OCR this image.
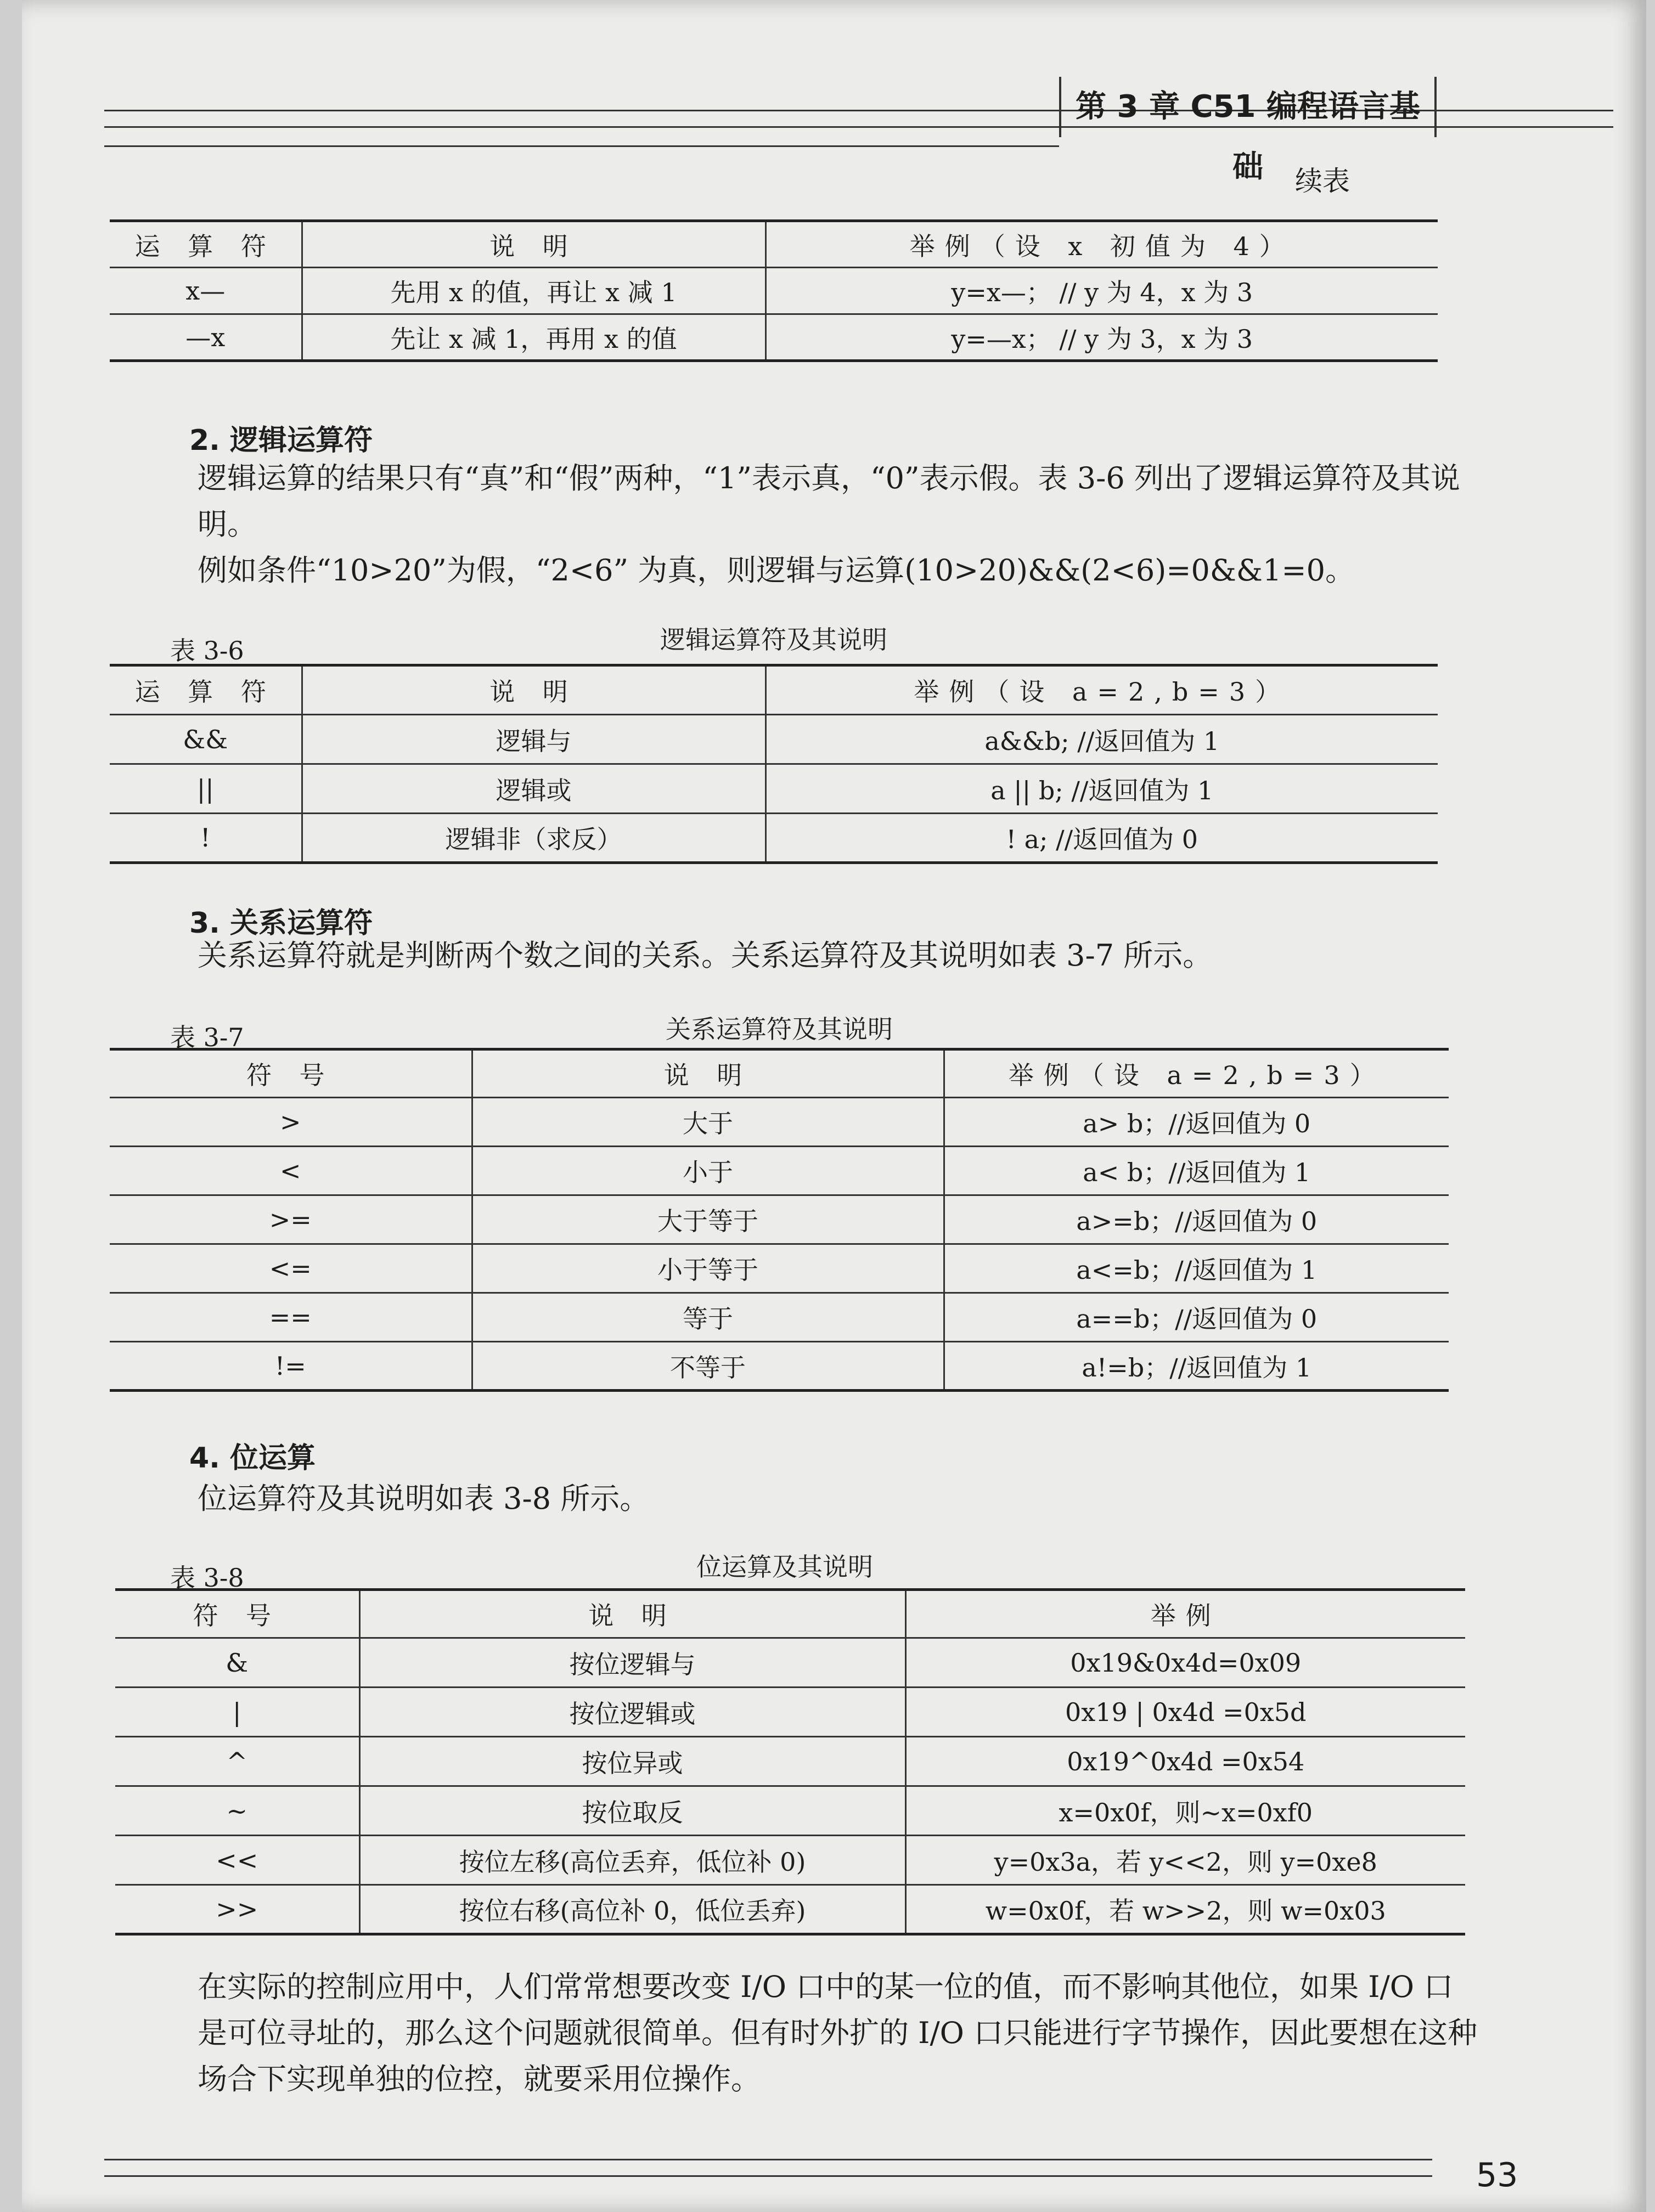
第 3 章 C51 编程语言基础	续表
运 算 符	说 明	举例（设 x 初值为 4）
x—	先用 x 的值，再让 x 减 1	y=x—； // y 为 4，x 为 3
—x	先让 x 减 1，再用 x 的值	y=—x； // y 为 3，x 为 3
2. 逻辑运算符
逻辑运算的结果只有“真”和“假”两种，“1”表示真，“0”表示假。表 3-6 列出了逻辑运算符及其说明。
例如条件“10>20”为假，“2<6” 为真，则逻辑与运算(10>20)&&(2<6)=0&&1=0。
表 3-6	逻辑运算符及其说明
运 算 符	说 明	举例（设 a=2,b=3）
&&	逻辑与	a&&b; //返回值为 1
||	逻辑或	a || b; //返回值为 1
!	逻辑非（求反）	! a; //返回值为 0
3. 关系运算符
关系运算符就是判断两个数之间的关系。关系运算符及其说明如表 3-7 所示。
表 3-7	关系运算符及其说明
符 号	说 明	举例（设 a=2,b=3）
>	大于	a> b；//返回值为 0
<	小于	a< b；//返回值为 1
>=	大于等于	a>=b；//返回值为 0
<=	小于等于	a<=b；//返回值为 1
==	等于	a==b；//返回值为 0
!=	不等于	a!=b；//返回值为 1
4. 位运算
位运算符及其说明如表 3-8 所示。
表 3-8	位运算及其说明
符 号	说 明	举例
&	按位逻辑与	0x19&0x4d=0x09
|	按位逻辑或	0x19 | 0x4d =0x5d
^	按位异或	0x19^0x4d =0x54
~	按位取反	x=0x0f，则~x=0xf0
<<	按位左移(高位丢弃，低位补 0)	y=0x3a，若 y<<2，则 y=0xe8
>>	按位右移(高位补 0，低位丢弃)	w=0x0f，若 w>>2，则 w=0x03
在实际的控制应用中，人们常常想要改变 I/O 口中的某一位的值，而不影响其他位，如果 I/O 口是可位寻址的，那么这个问题就很简单。但有时外扩的 I/O 口只能进行字节操作，因此要想在这种场合下实现单独的位控，就要采用位操作。
53
